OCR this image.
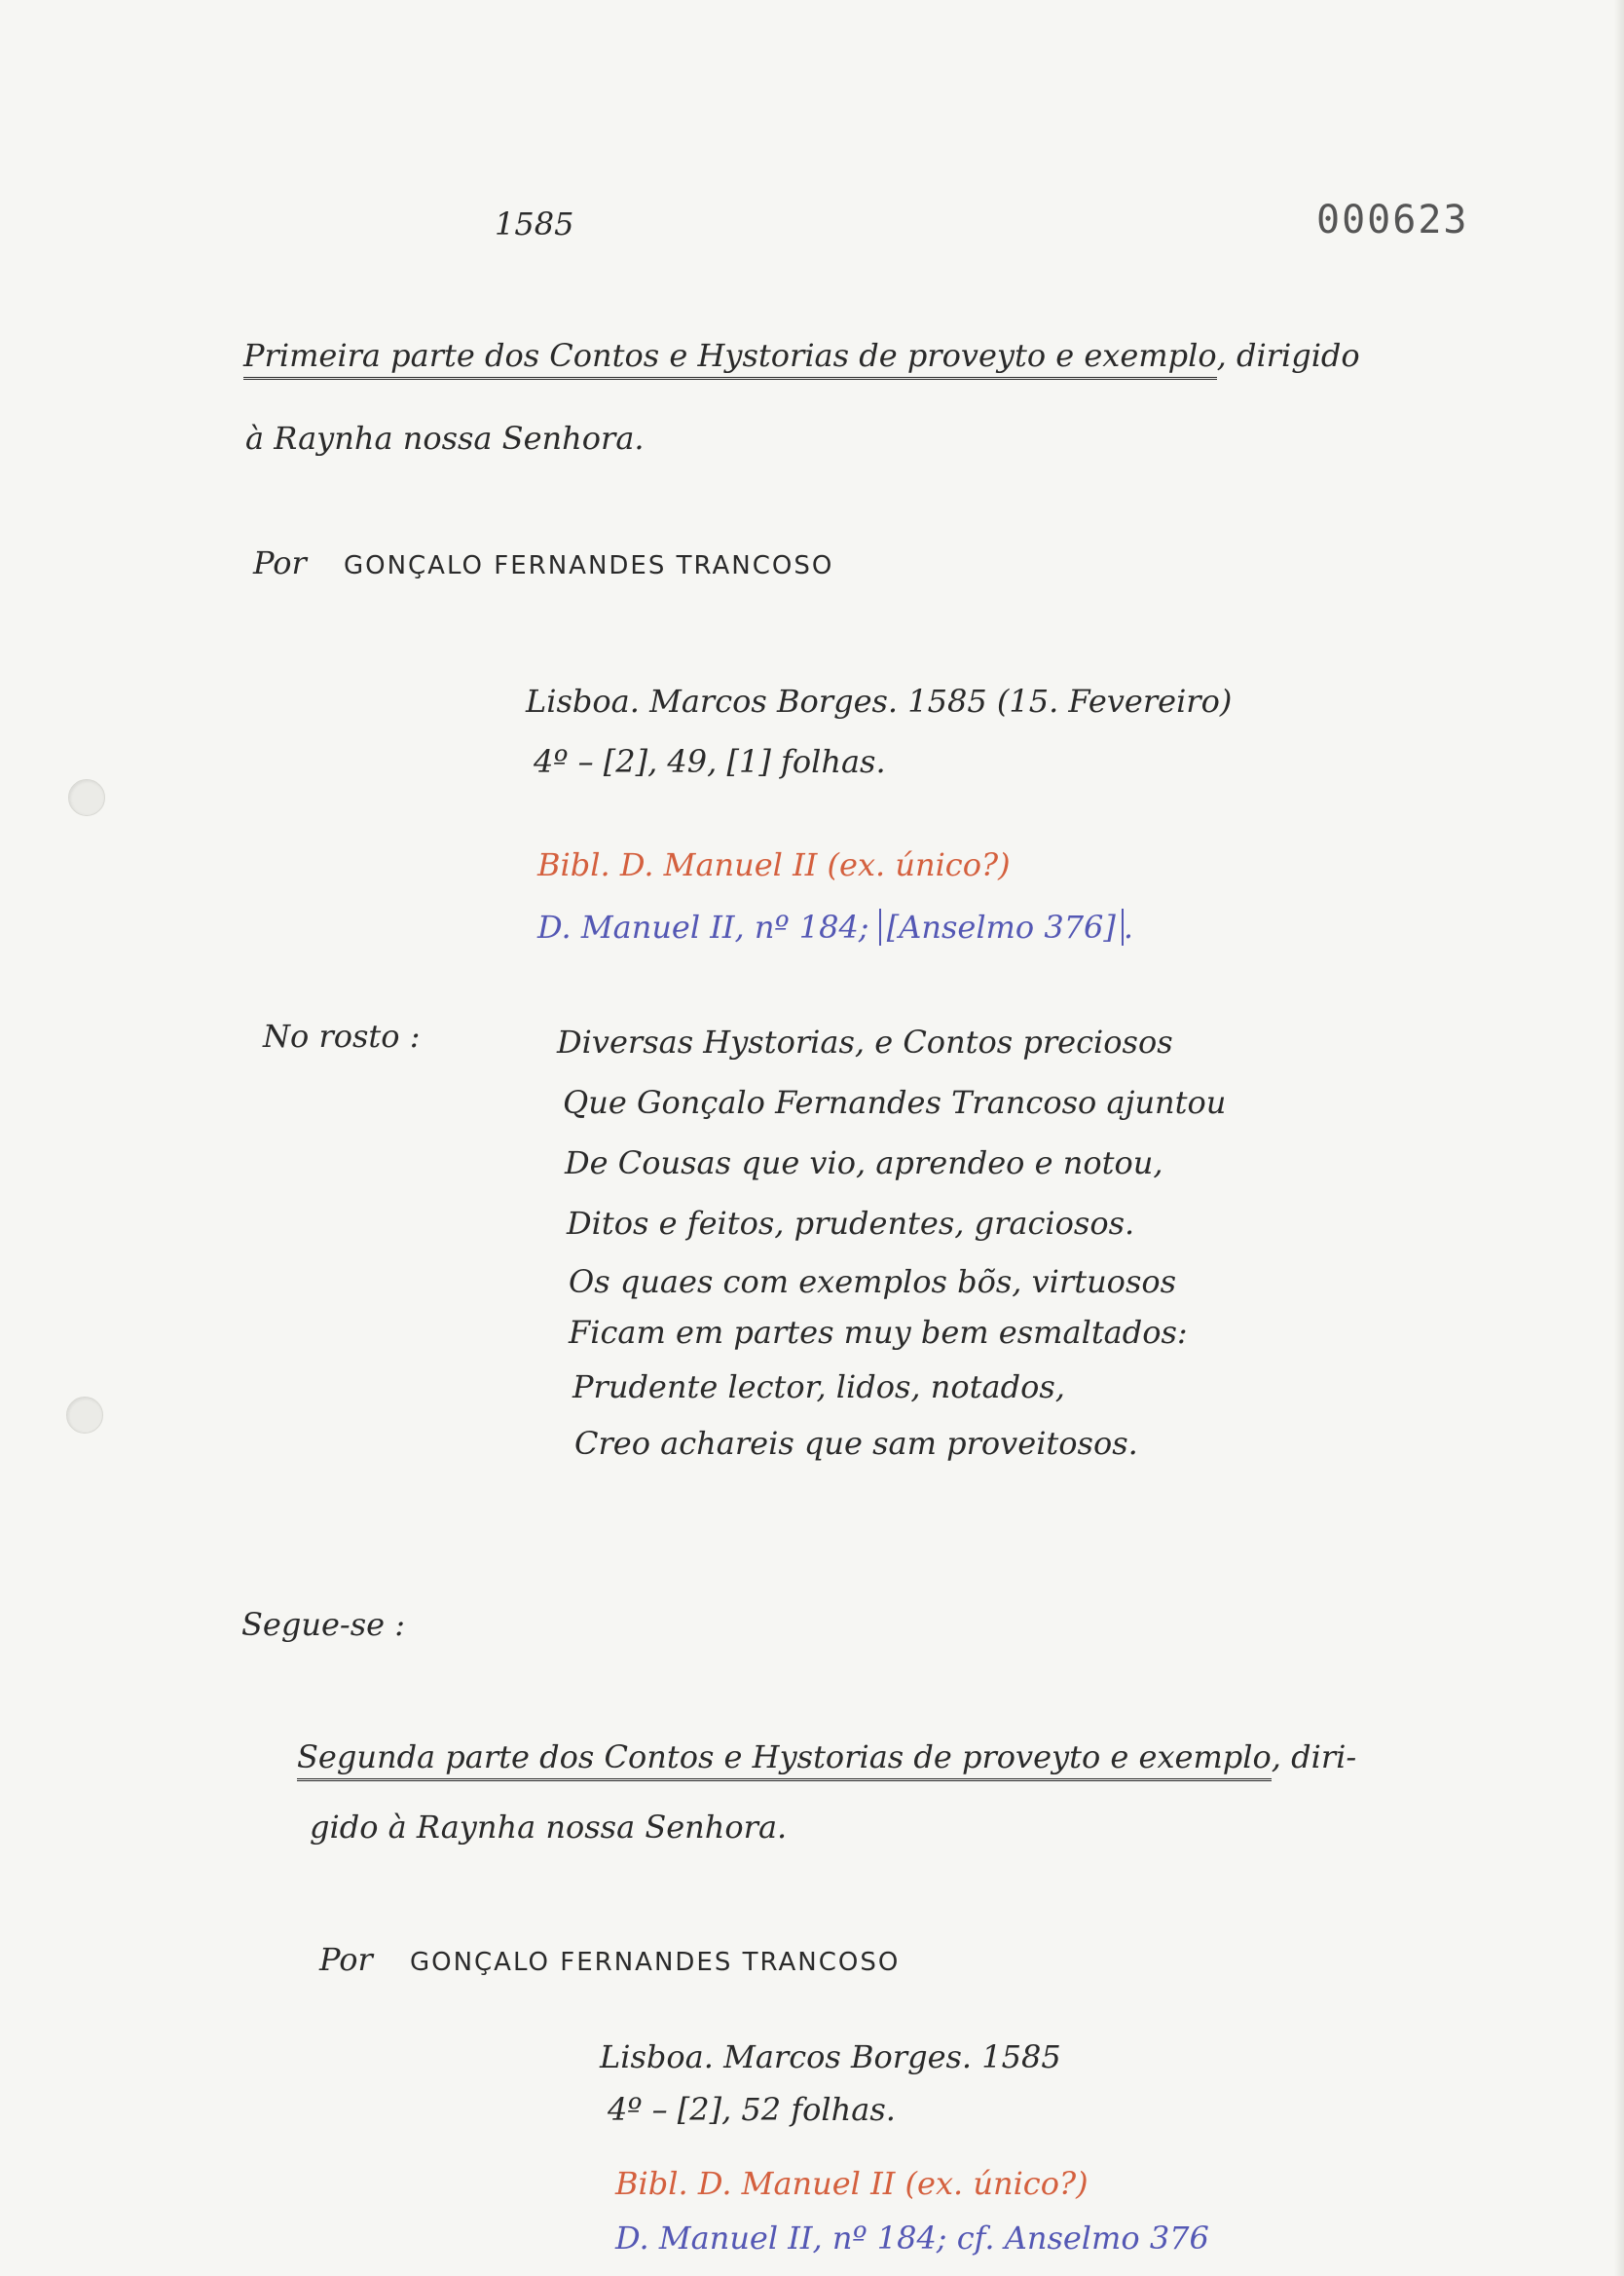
1585	000623
Primeira parte dos Contos e Hystorias de proveyto e exemplo, dirigido
à Raynha nossa Senhora.
Por GONÇALO FERNANDES TRANCOSO
Lisboa. Marcos Borges. 1585 (15. Fevereiro)
4º – [2], 49, [1] folhas.
Bibl. D. Manuel II (ex. único?)
D. Manuel II, nº 184; [Anselmo 376] .
No rosto :	Diversas Hystorias, e Contos preciosos
Que Gonçalo Fernandes Trancoso ajuntou
De Cousas que vio, aprendeo e notou,
Ditos e feitos, prudentes, graciosos.
Os quaes com exemplos bõs, virtuosos
Ficam em partes muy bem esmaltados:
Prudente lector, lidos, notados,
Creo achareis que sam proveitosos.
Segue-se :
Segunda parte dos Contos e Hystorias de proveyto e exemplo, diri-
gido à Raynha nossa Senhora.
Por GONÇALO FERNANDES TRANCOSO
Lisboa. Marcos Borges. 1585
4º – [2], 52 folhas.
Bibl. D. Manuel II (ex. único?)
D. Manuel II, nº 184; cf. Anselmo 376
